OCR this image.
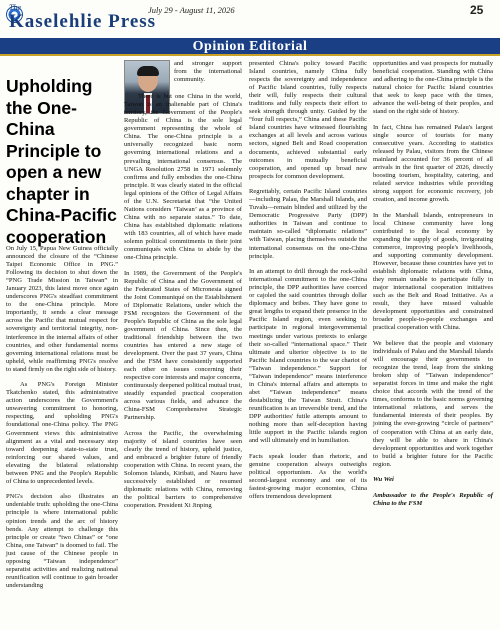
The
Kaselehlie Press
July 29 - August 11, 2026	25
Opinion Editorial
Upholding the One-China Principle to open a new chapter in China-Pacific cooperation

On July 15, Papua New Guinea officially announced the closure of the “Chinese Taipei Economic Office in PNG.” Following its decision to shut down the “PNG Trade Mission in Taiwan” in January 2023, this latest move once again underscores PNG's steadfast commitment to the one-China principle. More importantly, it sends a clear message across the Pacific that mutual respect for sovereignty and territorial integrity, non-interference in the internal affairs of other countries, and other fundamental norms governing international relations must be upheld, while reaffirming PNG's resolve to stand firmly on the right side of history.

As PNG's Foreign Minister Tkatchenko stated, this administrative action underscores the Government's unwavering commitment to honoring, respecting, and upholding PNG's foundational one-China policy. The PNG Government views this administrative alignment as a vital and necessary step toward deepening state-to-state trust, reinforcing our shared values, and elevating the bilateral relationship between PNG and the People's Republic of China to unprecedented levels.

PNG's decision also illustrates an undeniable truth: upholding the one-China principle is where international public opinion trends and the arc of history bends. Any attempt to challenge this principle or create “two Chinas” or “one China, one Taiwan” is doomed to fail. The just cause of the Chinese people in opposing “Taiwan independence” separatist activities and realizing national reunification will continue to gain broader understanding

and stronger support from the international community.

There is but one China in the world, Taiwan is an inalienable part of China's territory, the Government of the People's Republic of China is the sole legal government representing the whole of China. The one-China principle is a universally recognized basic norm governing international relations and a prevailing international consensus. The UNGA Resolution 2758 in 1971 solemnly confirms and fully embodies the one-China principle. It was clearly stated in the official legal opinions of the Office of Legal Affairs of the U.N. Secretariat that “the United Nations considers ‘Taiwan’ as a province of China with no separate status.” To date, China has established diplomatic relations with 183 countries, all of which have made solemn political commitments in their joint communiqués with China to abide by the one-China principle.

In 1989, the Government of the People's Republic of China and the Government of the Federated States of Micronesia signed the Joint Communiqué on the Establishment of Diplomatic Relations, under which the FSM recognizes the Government of the People's Republic of China as the sole legal government of China. Since then, the traditional friendship between the two countries has entered a new stage of development. Over the past 37 years, China and the FSM have consistently supported each other on issues concerning their respective core interests and major concerns, continuously deepened political mutual trust, steadily expanded practical cooperation across various fields, and advance the China-FSM Comprehensive Strategic Partnership.

Across the Pacific, the overwhelming majority of island countries have seen clearly the trend of history, upheld justice, and embraced a brighter future of friendly cooperation with China. In recent years, the Solomon Islands, Kiribati, and Nauru have successively established or resumed diplomatic relations with China, removing the political barriers to comprehensive cooperation. President Xi Jinping

presented China's policy toward Pacific Island countries, namely China fully respects the sovereignty and independence of Pacific Island countries, fully respects their will, fully respects their cultural traditions and fully respects their effort to seek strength through unity. Guided by the “four full respects,” China and these Pacific Island countries have witnessed flourishing exchanges at all levels and across various sectors, signed Belt and Road cooperation documents, achieved substantial early outcomes in mutually beneficial cooperation, and opened up broad new prospects for common development.

Regrettably, certain Pacific Island countries—including Palau, the Marshall Islands, and Tuvalu—remain blinded and utilized by the Democratic Progressive Party (DPP) authorities in Taiwan and continue to maintain so-called “diplomatic relations” with Taiwan, placing themselves outside the international consensus on the one-China principle.

In an attempt to drill through the rock-solid international commitment to the one-China principle, the DPP authorities have coerced or cajoled the said countries through dollar diplomacy and bribes. They have gone to great lengths to expand their presence in the Pacific Island region, even seeking to participate in regional intergovernmental meetings under various pretexts to enlarge their so-called “international space.” Their ultimate and ulterior objective is to tie Pacific Island countries to the war chariot of “Taiwan independence.” Support for “Taiwan independence” means interference in China's internal affairs and attempts to abet “Taiwan independence” means destabilizing the Taiwan Strait. China's reunification is an irreversible trend, and the DPP authorities' futile attempts amount to nothing more than self-deception having little support in the Pacific islands region and will ultimately end in humiliation.

Facts speak louder than rhetoric, and genuine cooperation always outweighs political opportunism. As the world's second-largest economy and one of its fastest-growing major economies, China offers tremendous development

opportunities and vast prospects for mutually beneficial cooperation. Standing with China and adhering to the one-China principle is the natural choice for Pacific Island countries that seek to keep pace with the times, advance the well-being of their peoples, and stand on the right side of history.

In fact, China has remained Palau's largest single source of tourists for many consecutive years. According to statistics released by Palau, visitors from the Chinese mainland accounted for 36 percent of all arrivals in the first quarter of 2026, directly boosting tourism, hospitality, catering, and related service industries while providing strong support for economic recovery, job creation, and income growth.

In the Marshall Islands, entrepreneurs in local Chinese community have long contributed to the local economy by expanding the supply of goods, invigorating commerce, improving people's livelihoods, and supporting community development. However, because these countries have yet to establish diplomatic relations with China, they remain unable to participate fully in major international cooperation initiatives such as the Belt and Road Initiative. As a result, they have missed valuable development opportunities and constrained broader people-to-people exchanges and practical cooperation with China.

We believe that the people and visionary individuals of Palau and the Marshall Islands will encourage their governments to recognize the trend, leap from the sinking broken ship of “Taiwan independence” separatist forces in time and make the right choice that accords with the trend of the times, conforms to the basic norms governing international relations, and serves the fundamental interests of their peoples. By joining the ever-growing “circle of partners” of cooperation with China at an early date, they will be able to share in China's development opportunities and work together to build a brighter future for the Pacific region.

Wu Wei

Ambassador to the People's Republic of China to the FSM
